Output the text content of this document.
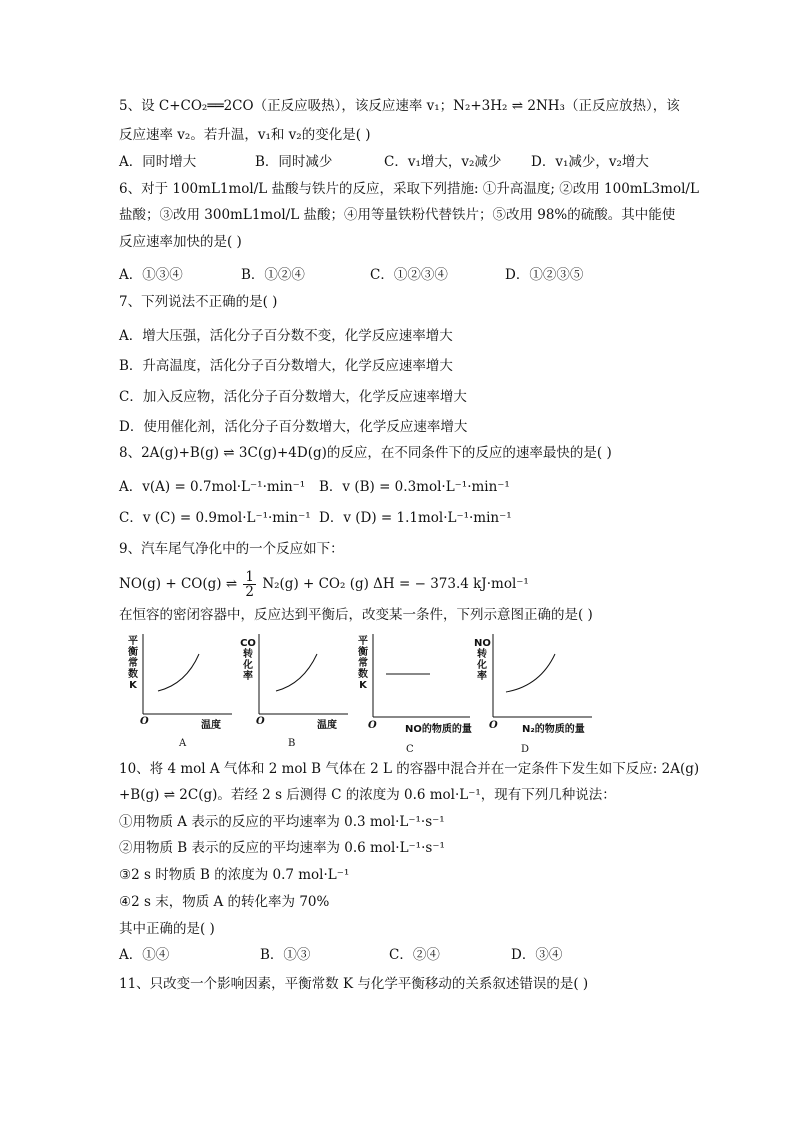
5、设 C+CO₂══2CO（正反应吸热），该反应速率 v₁；N₂+3H₂ ⇌ 2NH₃（正反应放热），该
反应速率 v₂。若升温，v₁和 v₂的变化是( )
A．同时增大	B．同时减少	C．v₁增大，v₂减少 D．v₁减少，v₂增大
6、对于 100mL1mol/L 盐酸与铁片的反应，采取下列措施: ①升高温度; ②改用 100mL3mol/L
盐酸；③改用 300mL1mol/L 盐酸；④用等量铁粉代替铁片；⑤改用 98%的硫酸。其中能使
反应速率加快的是( )
A．①③④	B．①②④	C．①②③④	D．①②③⑤
7、下列说法不正确的是( )
A．增大压强，活化分子百分数不变，化学反应速率增大
B．升高温度，活化分子百分数增大，化学反应速率增大
C．加入反应物，活化分子百分数增大，化学反应速率增大
D．使用催化剂，活化分子百分数增大，化学反应速率增大
8、2A(g)+B(g) ⇌ 3C(g)+4D(g)的反应，在不同条件下的反应的速率最快的是( )
A．v(A) = 0.7mol·L⁻¹·min⁻¹ B．v (B) = 0.3mol·L⁻¹·min⁻¹
C．v (C) = 0.9mol·L⁻¹·min⁻¹ D．v (D) = 1.1mol·L⁻¹·min⁻¹
9、汽车尾气净化中的一个反应如下：
NO(g) + CO(g) ⇌ $\frac{1}{2} N_2(g) + CO_2$ (g) ΔH = − 373.4 kJ·mol⁻¹
在恒容的密闭容器中，反应达到平衡后，改变某一条件，下列示意图正确的是( )
平
衡
常
数
K
O	温度
A
CO
转
化
率
O	温度
B
平
衡
常
数
K
O	NO的物质的量
C
NO
转
化
率
O N₂的物质的量
D
10、将 4 mol A 气体和 2 mol B 气体在 2 L 的容器中混合并在一定条件下发生如下反应: 2A(g)
+B(g) ⇌ 2C(g)。若经 2 s 后测得 C 的浓度为 0.6 mol·L⁻¹，现有下列几种说法：
①用物质 A 表示的反应的平均速率为 0.3 mol·L⁻¹·s⁻¹
②用物质 B 表示的反应的平均速率为 0.6 mol·L⁻¹·s⁻¹
③2 s 时物质 B 的浓度为 0.7 mol·L⁻¹
④2 s 末，物质 A 的转化率为 70%
其中正确的是( )
A．①④	B．①③	C．②④	D．③④
11、只改变一个影响因素，平衡常数 K 与化学平衡移动的关系叙述错误的是( )
